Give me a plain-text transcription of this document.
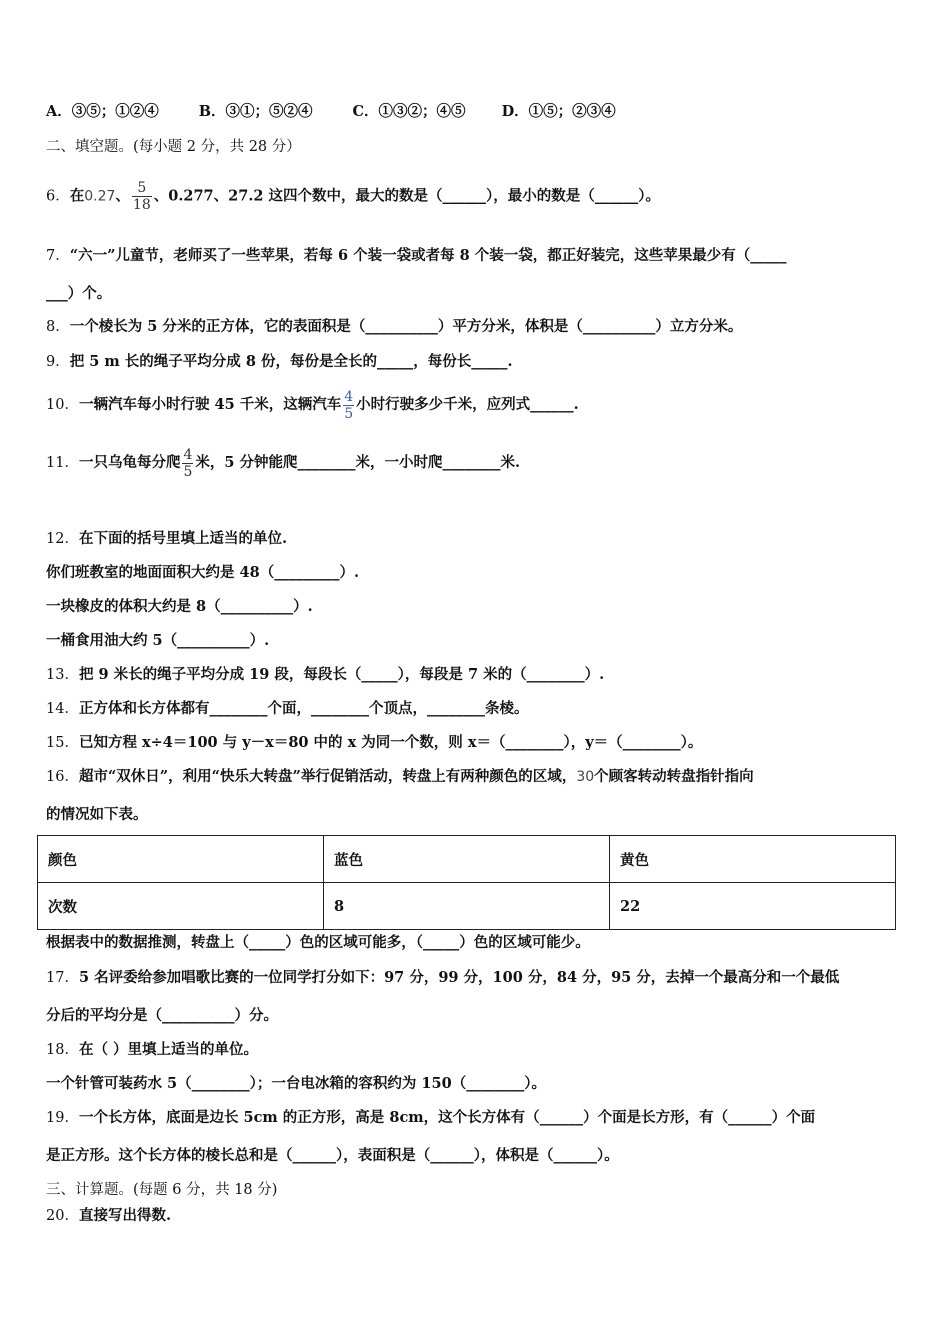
A．③⑤；①②④	B．③①；⑤②④	C．①③②；④⑤ D．①⑤；②③④
二、填空题。(每小题 2 分，共 28 分）
6．在0.27、 $\frac{5}{18}$ 、0.277、27.2 这四个数中，最大的数是（______），最小的数是（______）。
7．“六一”儿童节，老师买了一些苹果，若每 6 个装一袋或者每 8 个装一袋，都正好装完，这些苹果最少有（_____
___）个。
8．一个棱长为 5 分米的正方体，它的表面积是（__________）平方分米，体积是（__________）立方分米。
9．把 5 m 长的绳子平均分成 8 份，每份是全长的_____，每份长_____.
10．一辆汽车每小时行驶 45 千米，这辆汽车 $\frac{4}{5}$ 小时行驶多少千米，应列式______.
11．一只乌龟每分爬 $\frac{4}{5}$ 米，5 分钟能爬________米，一小时爬________米.
12．在下面的括号里填上适当的单位.
你们班教室的地面面积大约是 48（_________）.
一块橡皮的体积大约是 8（__________）.
一桶食用油大约 5（__________）.
13．把 9 米长的绳子平均分成 19 段，每段长（_____），每段是 7 米的（________）.
14．正方体和长方体都有________个面，________个顶点，________条棱。
15．已知方程 x÷4＝100 与 y－x＝80 中的 x 为同一个数，则 x＝（________），y＝（________）。
16．超市“双休日”，利用“快乐大转盘”举行促销活动，转盘上有两种颜色的区域，30个顾客转动转盘指针指向
的情况如下表。
颜色	蓝色	黄色
次数	8	22
根据表中的数据推测，转盘上（_____）色的区域可能多，（_____）色的区域可能少。
17．5 名评委给参加唱歌比赛的一位同学打分如下：97 分，99 分，100 分，84 分，95 分，去掉一个最高分和一个最低
分后的平均分是（__________）分。
18．在（ ）里填上适当的单位。
一个针管可装药水 5（________）；一台电冰箱的容积约为 150（________）。
19．一个长方体，底面是边长 5cm 的正方形，高是 8cm，这个长方体有（______）个面是长方形，有（______）个面
是正方形。这个长方体的棱长总和是（______），表面积是（______），体积是（______）。
三、计算题。(每题 6 分，共 18 分)
20．直接写出得数.
